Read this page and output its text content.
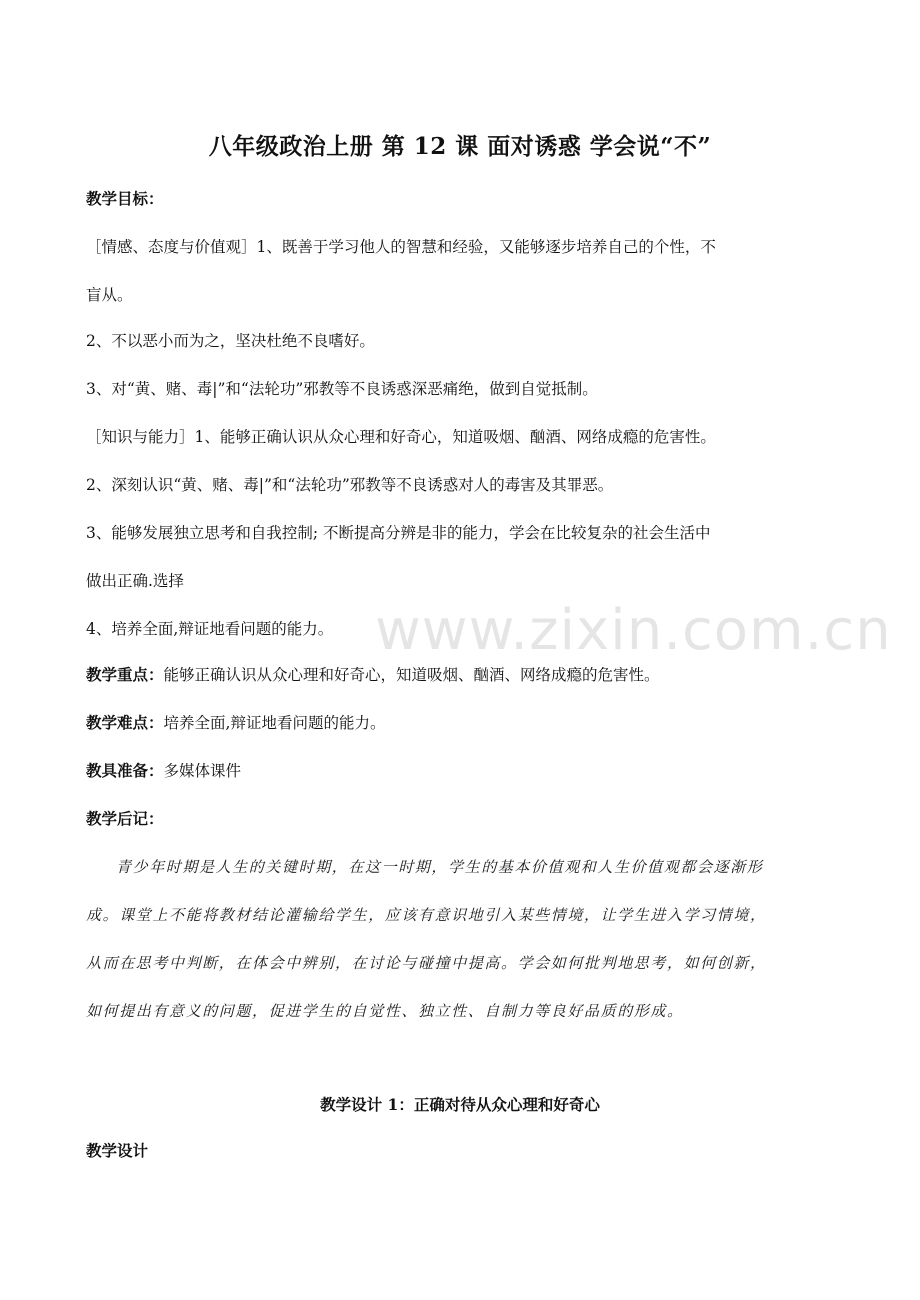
八年级政治上册 第 12 课 面对诱惑 学会说“不”
教学目标：
［情感、态度与价值观］1、既善于学习他人的智慧和经验，又能够逐步培养自己的个性，不
盲从。
2、不以恶小而为之，坚决杜绝不良嗜好。
3、对“黄、赌、毒|”和“法轮功”邪教等不良诱惑深恶痛绝，做到自觉抵制。
［知识与能力］1、能够正确认识从众心理和好奇心，知道吸烟、酗酒、网络成瘾的危害性。
2、深刻认识“黄、赌、毒|”和“法轮功”邪教等不良诱惑对人的毒害及其罪恶。
3、能够发展独立思考和自我控制; 不断提高分辨是非的能力，学会在比较复杂的社会生活中
做出正确.选择
4、培养全面,辩证地看问题的能力。 www.zixin.com.cn
教学重点：能够正确认识从众心理和好奇心，知道吸烟、酗酒、网络成瘾的危害性。
教学难点：培养全面,辩证地看问题的能力。
教具准备：多媒体课件
教学后记：
青少年时期是人生的关键时期，在这一时期，学生的基本价值观和人生价值观都会逐渐形
成。课堂上不能将教材结论灌输给学生，应该有意识地引入某些情境，让学生进入学习情境，
从而在思考中判断，在体会中辨别，在讨论与碰撞中提高。学会如何批判地思考，如何创新，
如何提出有意义的问题，促进学生的自觉性、独立性、自制力等良好品质的形成。
教学设计 1：正确对待从众心理和好奇心
教学设计
